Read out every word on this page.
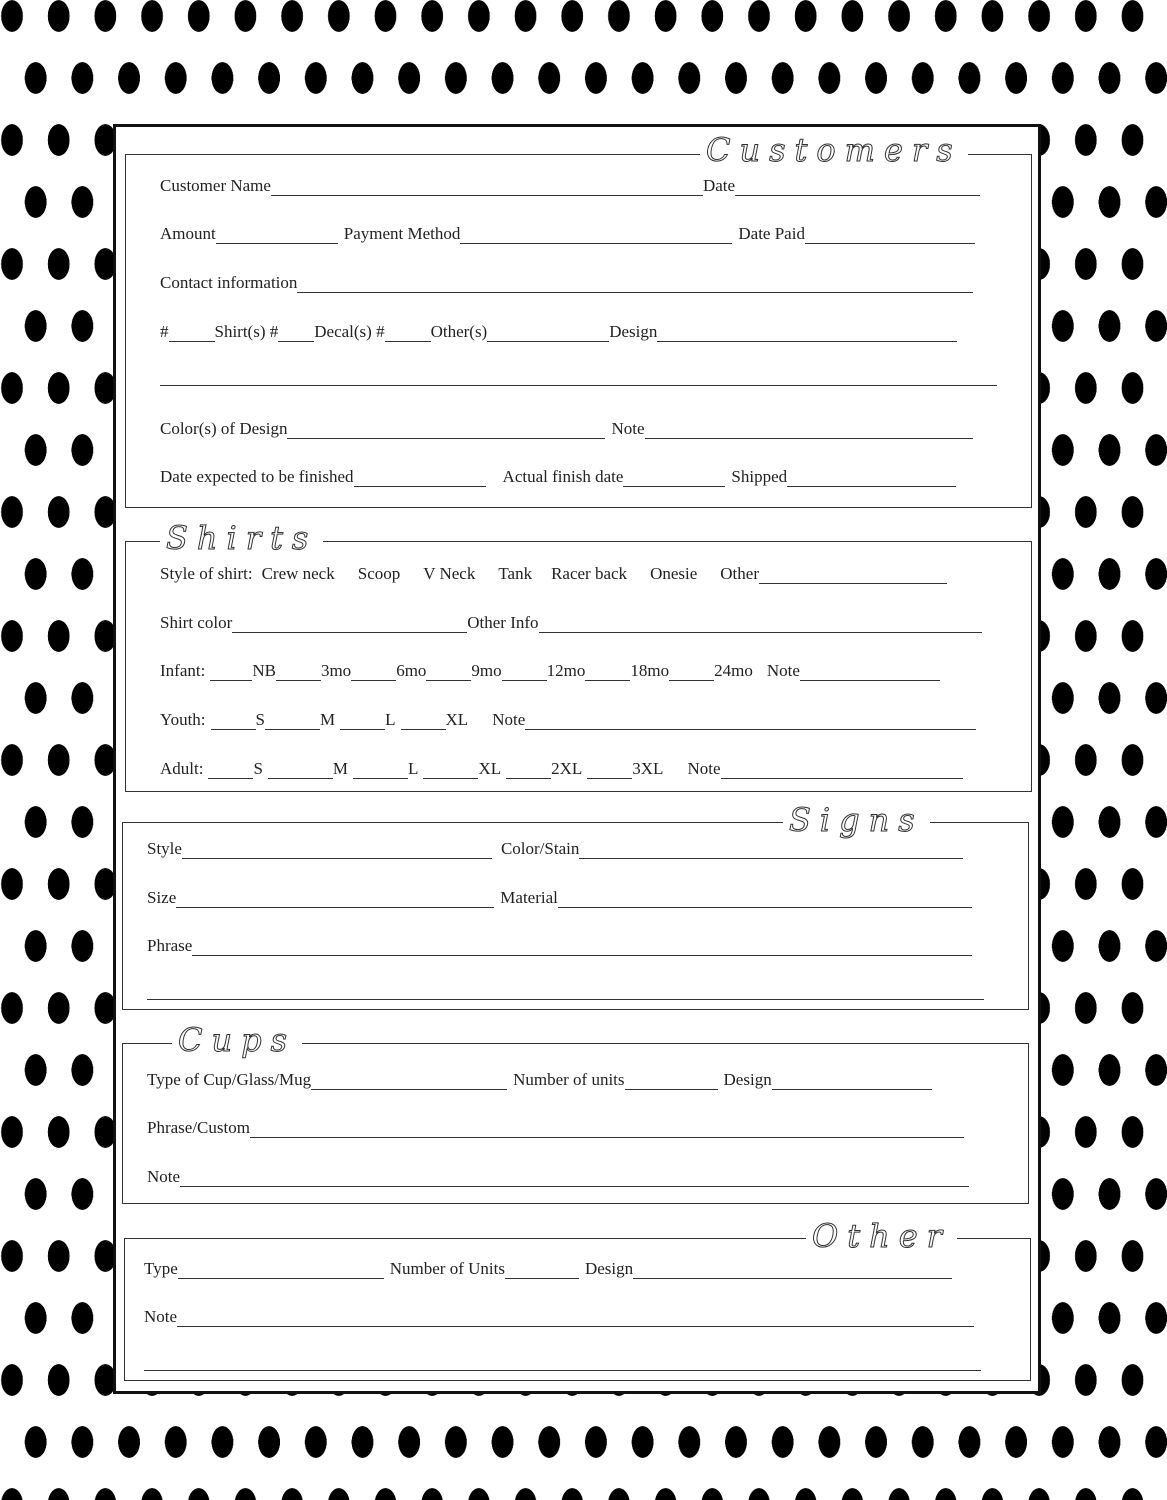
Customers
Customer Name	Date
Amount	Payment Method	Date Paid
Contact information
#	Shirt(s) # Decal(s) #	Other(s)	Design
Color(s) of Design	Note
Date expected to be finished	Actual finish date	Shipped
Shirts
Style of shirt: Crew neck Scoop V Neck Tank Racer back Onesie Other
Shirt color	Other Info
Infant:	NB	3mo	6mo	9mo	12mo	18mo	24mo Note
Youth:	S	M	L	XL Note
Adult:	S	M	L	XL	2XL	3XL Note
Signs
Style	Color/Stain
Size	Material
Phrase
Cups
Type of Cup/Glass/Mug	Number of units	Design
Phrase/Custom
Note
Other
Type	Number of Units	Design
Note
